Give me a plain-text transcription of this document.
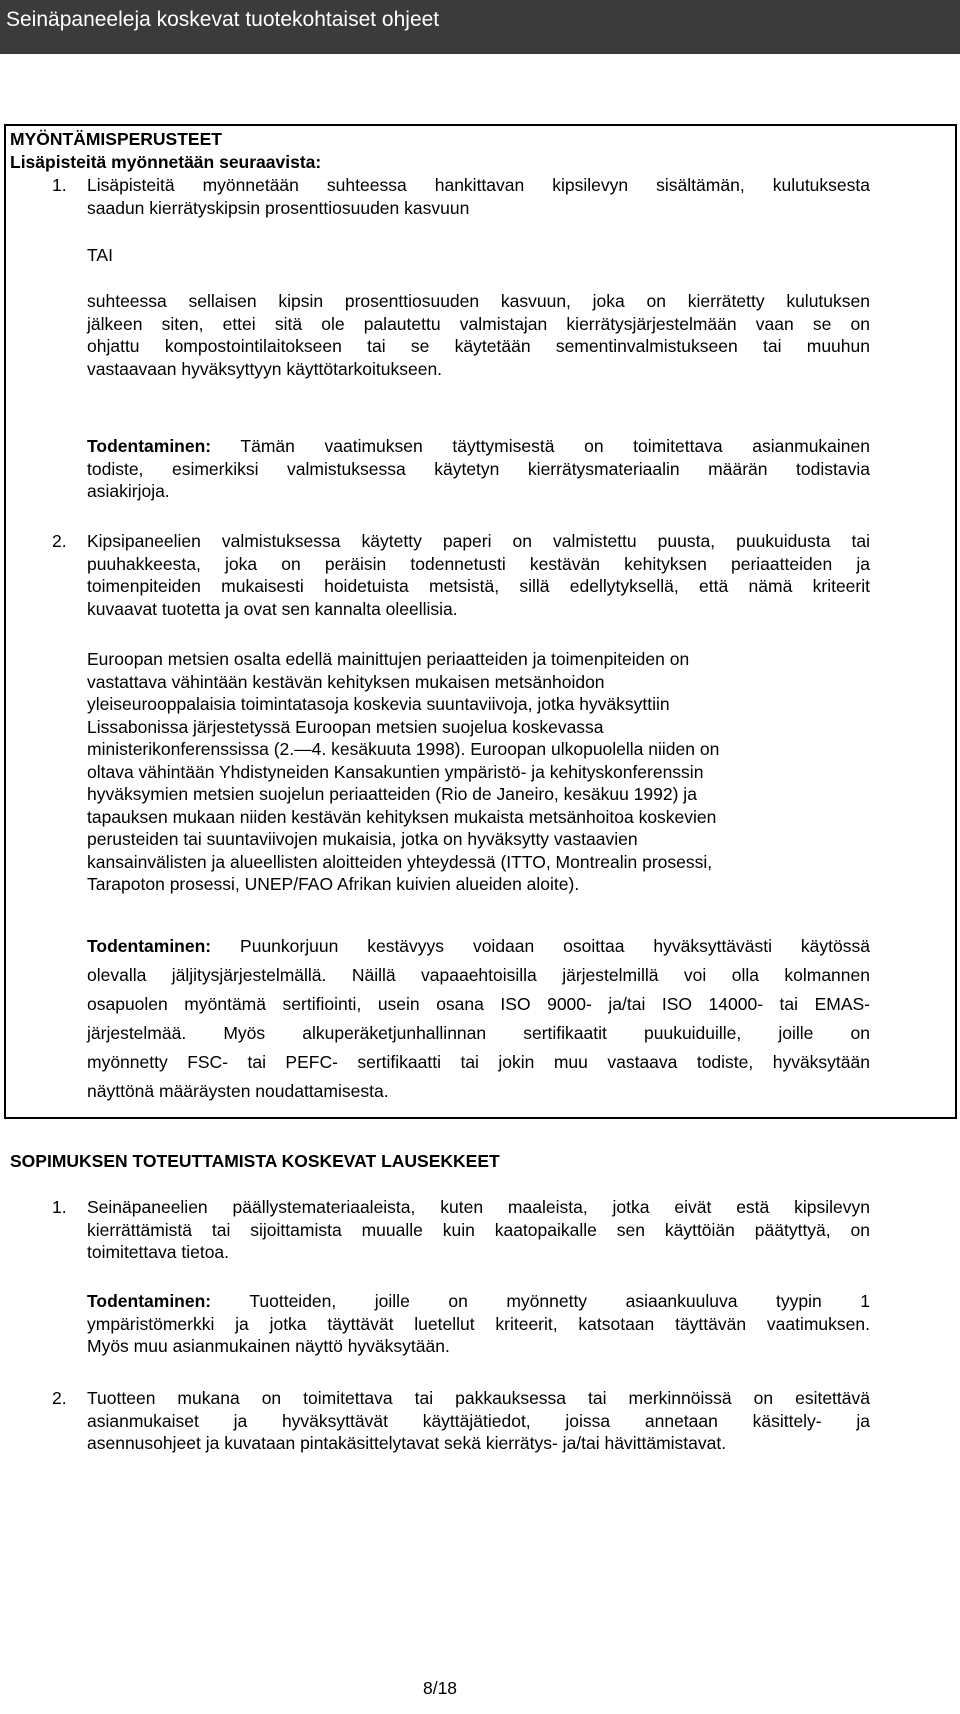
Seinäpaneeleja koskevat tuotekohtaiset ohjeet
MYÖNTÄMISPERUSTEET
Lisäpisteitä myönnetään seuraavista:
1. Lisäpisteitä myönnetään suhteessa hankittavan kipsilevyn sisältämän, kulutuksesta
saadun kierrätyskipsin prosenttiosuuden kasvuun
TAI
suhteessa sellaisen kipsin prosenttiosuuden kasvuun, joka on kierrätetty kulutuksen
jälkeen siten, ettei sitä ole palautettu valmistajan kierrätysjärjestelmään vaan se on
ohjattu kompostointilaitokseen tai se käytetään sementinvalmistukseen tai muuhun
vastaavaan hyväksyttyyn käyttötarkoitukseen.
Todentaminen: Tämän vaatimuksen täyttymisestä on toimitettava asianmukainen
todiste, esimerkiksi valmistuksessa käytetyn kierrätysmateriaalin määrän todistavia
asiakirjoja.
2. Kipsipaneelien valmistuksessa käytetty paperi on valmistettu puusta, puukuidusta tai
puuhakkeesta, joka on peräisin todennetusti kestävän kehityksen periaatteiden ja
toimenpiteiden mukaisesti hoidetuista metsistä, sillä edellytyksellä, että nämä kriteerit
kuvaavat tuotetta ja ovat sen kannalta oleellisia.
Euroopan metsien osalta edellä mainittujen periaatteiden ja toimenpiteiden on
vastattava vähintään kestävän kehityksen mukaisen metsänhoidon
yleiseurooppalaisia toimintatasoja koskevia suuntaviivoja, jotka hyväksyttiin
Lissabonissa järjestetyssä Euroopan metsien suojelua koskevassa
ministerikonferenssissa (2.—4. kesäkuuta 1998). Euroopan ulkopuolella niiden on
oltava vähintään Yhdistyneiden Kansakuntien ympäristö- ja kehityskonferenssin
hyväksymien metsien suojelun periaatteiden (Rio de Janeiro, kesäkuu 1992) ja
tapauksen mukaan niiden kestävän kehityksen mukaista metsänhoitoa koskevien
perusteiden tai suuntaviivojen mukaisia, jotka on hyväksytty vastaavien
kansainvälisten ja alueellisten aloitteiden yhteydessä (ITTO, Montrealin prosessi,
Tarapoton prosessi, UNEP/FAO Afrikan kuivien alueiden aloite).
Todentaminen: Puunkorjuun kestävyys voidaan osoittaa hyväksyttävästi käytössä
olevalla jäljitysjärjestelmällä. Näillä vapaaehtoisilla järjestelmillä voi olla kolmannen
osapuolen myöntämä sertifiointi, usein osana ISO 9000- ja/tai ISO 14000- tai EMAS-
järjestelmää. Myös alkuperäketjunhallinnan sertifikaatit puukuiduille, joille on
myönnetty FSC- tai PEFC- sertifikaatti tai jokin muu vastaava todiste, hyväksytään
näyttönä määräysten noudattamisesta.
SOPIMUKSEN TOTEUTTAMISTA KOSKEVAT LAUSEKKEET
1. Seinäpaneelien päällystemateriaaleista, kuten maaleista, jotka eivät estä kipsilevyn
kierrättämistä tai sijoittamista muualle kuin kaatopaikalle sen käyttöiän päätyttyä, on
toimitettava tietoa.
Todentaminen: Tuotteiden, joille on myönnetty asiaankuuluva tyypin 1
ympäristömerkki ja jotka täyttävät luetellut kriteerit, katsotaan täyttävän vaatimuksen.
Myös muu asianmukainen näyttö hyväksytään.
2. Tuotteen mukana on toimitettava tai pakkauksessa tai merkinnöissä on esitettävä
asianmukaiset ja hyväksyttävät käyttäjätiedot, joissa annetaan käsittely- ja
asennusohjeet ja kuvataan pintakäsittelytavat sekä kierrätys- ja/tai hävittämistavat.
8/18
